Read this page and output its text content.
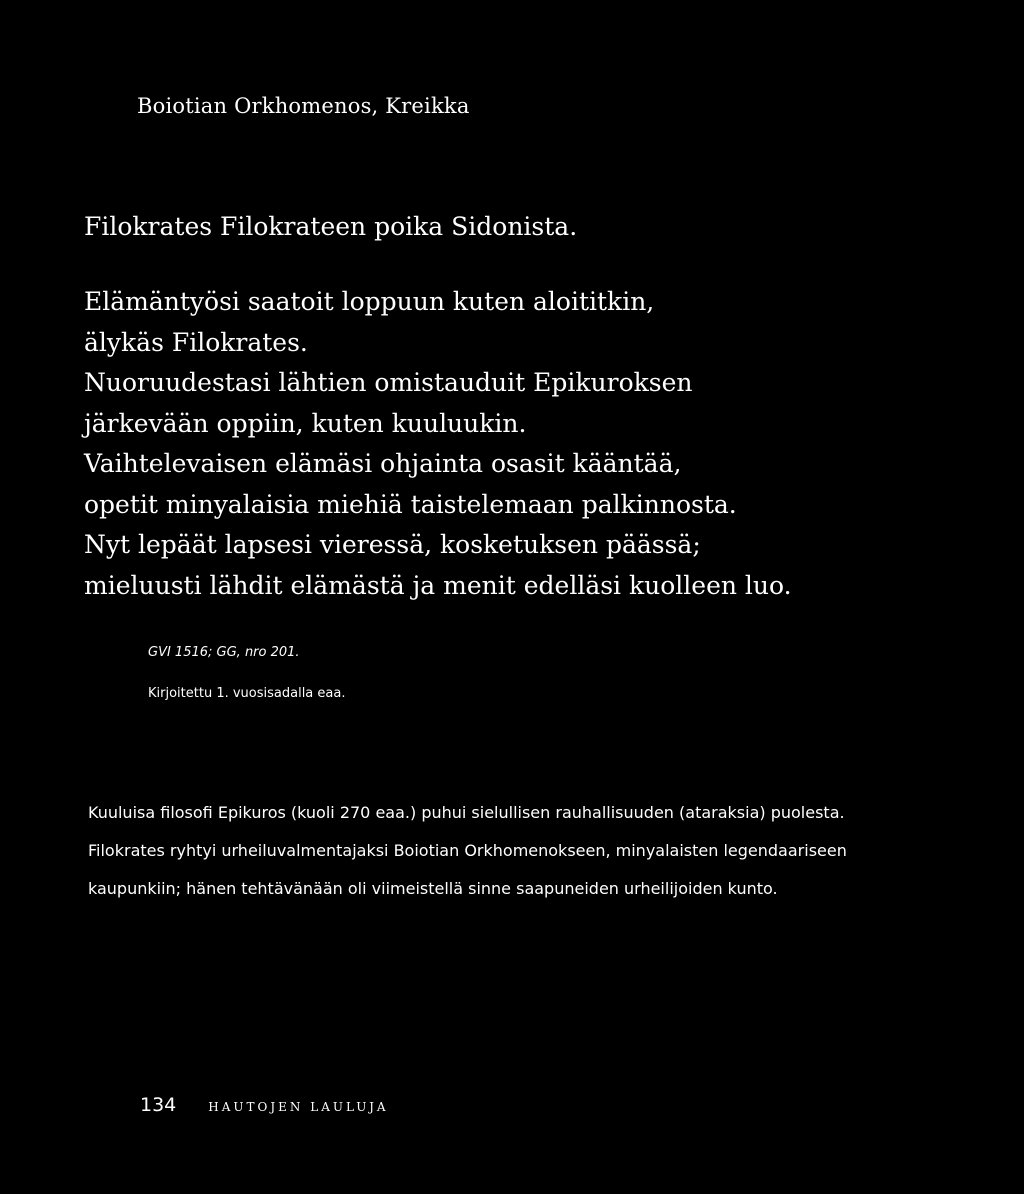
Boiotian Orkhomenos, Kreikka
Filokrates Filokrateen poika Sidonista.
Elämäntyösi saatoit loppuun kuten aloititkin,
älykäs Filokrates.
Nuoruudestasi lähtien omistauduit Epikuroksen
järkevään oppiin, kuten kuuluukin.
Vaihtelevaisen elämäsi ohjainta osasit kääntää,
opetit minyalaisia miehiä taistelemaan palkinnosta.
Nyt lepäät lapsesi vieressä, kosketuksen päässä;
mieluusti lähdit elämästä ja menit edelläsi kuolleen luo.
GVI 1516; GG, nro 201.
Kirjoitettu 1. vuosisadalla eaa.
Kuuluisa filosofi Epikuros (kuoli 270 eaa.) puhui sielullisen rauhallisuuden (ataraksia) puolesta.
Filokrates ryhtyi urheiluvalmentajaksi Boiotian Orkhomenokseen, minyalaisten legendaariseen
kaupunkiin; hänen tehtävänään oli viimeistellä sinne saapuneiden urheilijoiden kunto.
134	HAUTOJEN LAULUJA
